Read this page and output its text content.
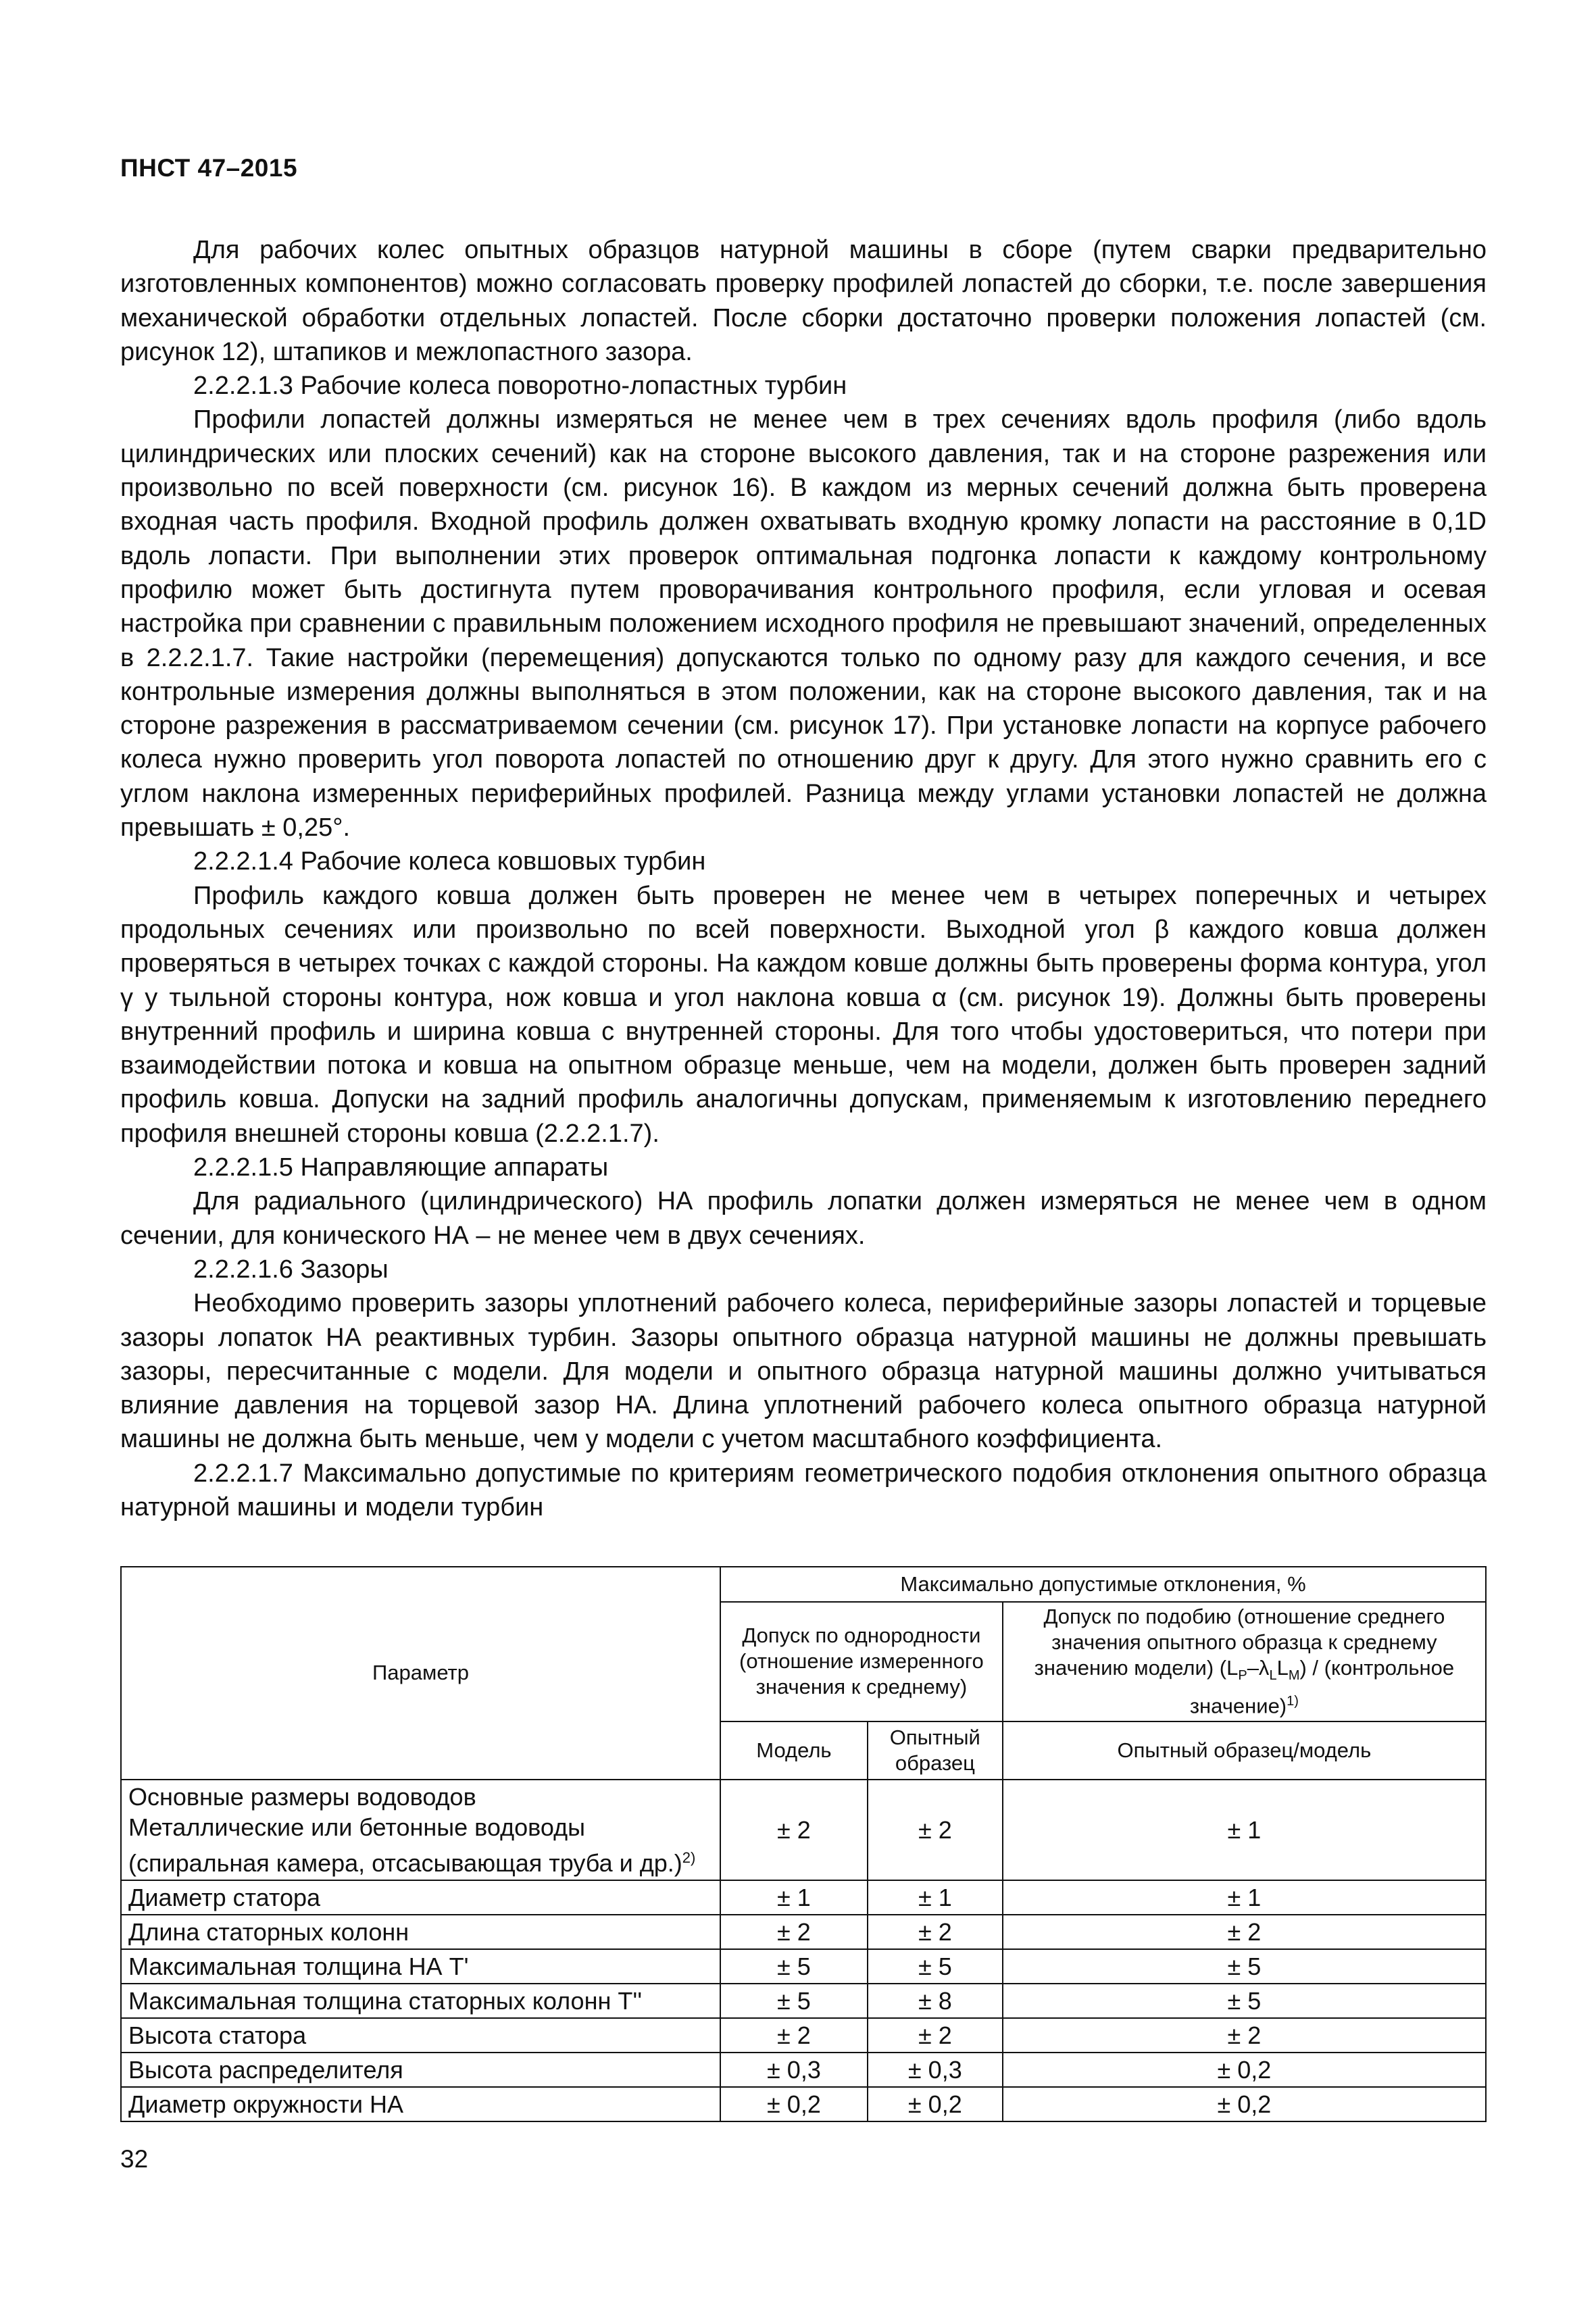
ПНСТ 47–2015

Для рабочих колес опытных образцов натурной машины в сборе (путем сварки предварительно изготовленных компонентов) можно согласовать проверку профилей лопастей до сборки, т.е. после завершения механической обработки отдельных лопастей. После сборки достаточно проверки положения лопастей (см. рисунок 12), штапиков и межлопастного зазора.

2.2.2.1.3 Рабочие колеса поворотно-лопастных турбин

Профили лопастей должны измеряться не менее чем в трех сечениях вдоль профиля (либо вдоль цилиндрических или плоских сечений) как на стороне высокого давления, так и на стороне разрежения или произвольно по всей поверхности (см. рисунок 16). В каждом из мерных сечений должна быть проверена входная часть профиля. Входной профиль должен охватывать входную кромку лопасти на расстояние в 0,1D вдоль лопасти. При выполнении этих проверок оптимальная подгонка лопасти к каждому контрольному профилю может быть достигнута путем проворачивания контрольного профиля, если угловая и осевая настройка при сравнении с правильным положением исходного профиля не превышают значений, определенных в 2.2.2.1.7. Такие настройки (перемещения) допускаются только по одному разу для каждого сечения, и все контрольные измерения должны выполняться в этом положении, как на стороне высокого давления, так и на стороне разрежения в рассматриваемом сечении (см. рисунок 17). При установке лопасти на корпусе рабочего колеса нужно проверить угол поворота лопастей по отношению друг к другу. Для этого нужно сравнить его с углом наклона измеренных периферийных профилей. Разница между углами установки лопастей не должна превышать ± 0,25°.

2.2.2.1.4 Рабочие колеса ковшовых турбин

Профиль каждого ковша должен быть проверен не менее чем в четырех поперечных и четырех продольных сечениях или произвольно по всей поверхности. Выходной угол β каждого ковша должен проверяться в четырех точках с каждой стороны. На каждом ковше должны быть проверены форма контура, угол γ у тыльной стороны контура, нож ковша и угол наклона ковша α (см. рисунок 19). Должны быть проверены внутренний профиль и ширина ковша с внутренней стороны. Для того чтобы удостовериться, что потери при взаимодействии потока и ковша на опытном образце меньше, чем на модели, должен быть проверен задний профиль ковша. Допуски на задний профиль аналогичны допускам, применяемым к изготовлению переднего профиля внешней стороны ковша (2.2.2.1.7).

2.2.2.1.5 Направляющие аппараты

Для радиального (цилиндрического) НА профиль лопатки должен измеряться не менее чем в одном сечении, для конического НА – не менее чем в двух сечениях.

2.2.2.1.6 Зазоры

Необходимо проверить зазоры уплотнений рабочего колеса, периферийные зазоры лопастей и торцевые зазоры лопаток НА реактивных турбин. Зазоры опытного образца натурной машины не должны превышать зазоры, пересчитанные с модели. Для модели и опытного образца натурной машины должно учитываться влияние давления на торцевой зазор НА. Длина уплотнений рабочего колеса опытного образца натурной машины не должна быть меньше, чем у модели с учетом масштабного коэффициента.

2.2.2.1.7 Максимально допустимые по критериям геометрического подобия отклонения опытного образца натурной машины и модели турбин

Параметр	Максимально допустимые отклонения, %		
	Допуск по однородности (отношение измеренного значения к среднему)		Допуск по подобию (отношение среднего значения опытного образца к среднему значению модели) $(L_P-\lambda_LL_M)$ / (контрольное значение)$^{1)}$
	Модель	Опытный образец	Опытный образец/модель

Основные размеры водоводов
Металлические или бетонные водоводы (спиральная камера, отсасывающая труба и др.)$^{2)}$	± 2	± 2	± 1
Диаметр статора	± 1	± 1	± 1
Длина статорных колонн	± 2	± 2	± 2
Максимальная толщина НА T'	± 5	± 5	± 5
Максимальная толщина статорных колонн T''	± 5	± 8	± 5
Высота статора	± 2	± 2	± 2
Высота распределителя	± 0,3	± 0,3	± 0,2
Диаметр окружности НА	± 0,2	± 0,2	± 0,2
32
